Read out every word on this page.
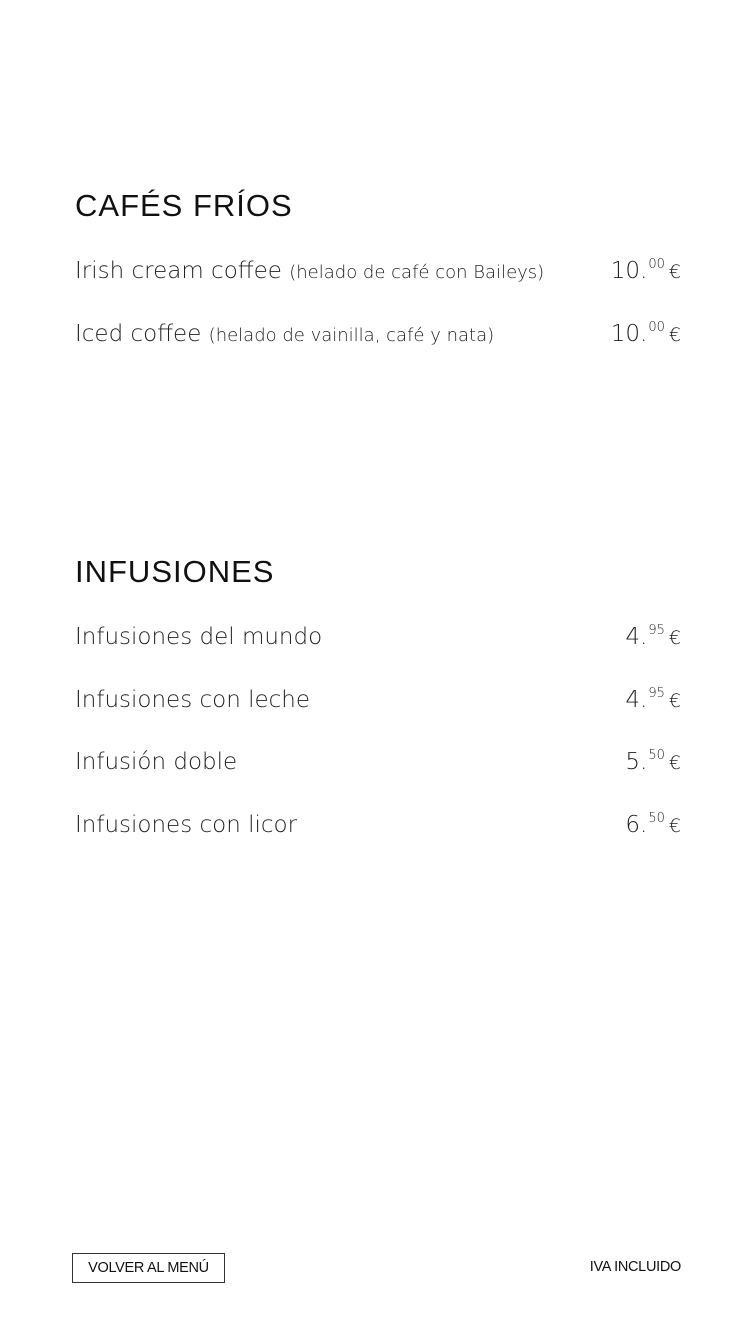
CAFÉS FRÍOS
Irish cream coffee (helado de café con Baileys)	10.00 €
Iced coffee (helado de vainilla, café y nata)	10.00 €
INFUSIONES
Infusiones del mundo	4.95 €
Infusiones con leche	4.95 €
Infusión doble	5.50 €
Infusiones con licor	6.50 €
VOLVER AL MENÚ	IVA INCLUIDO
